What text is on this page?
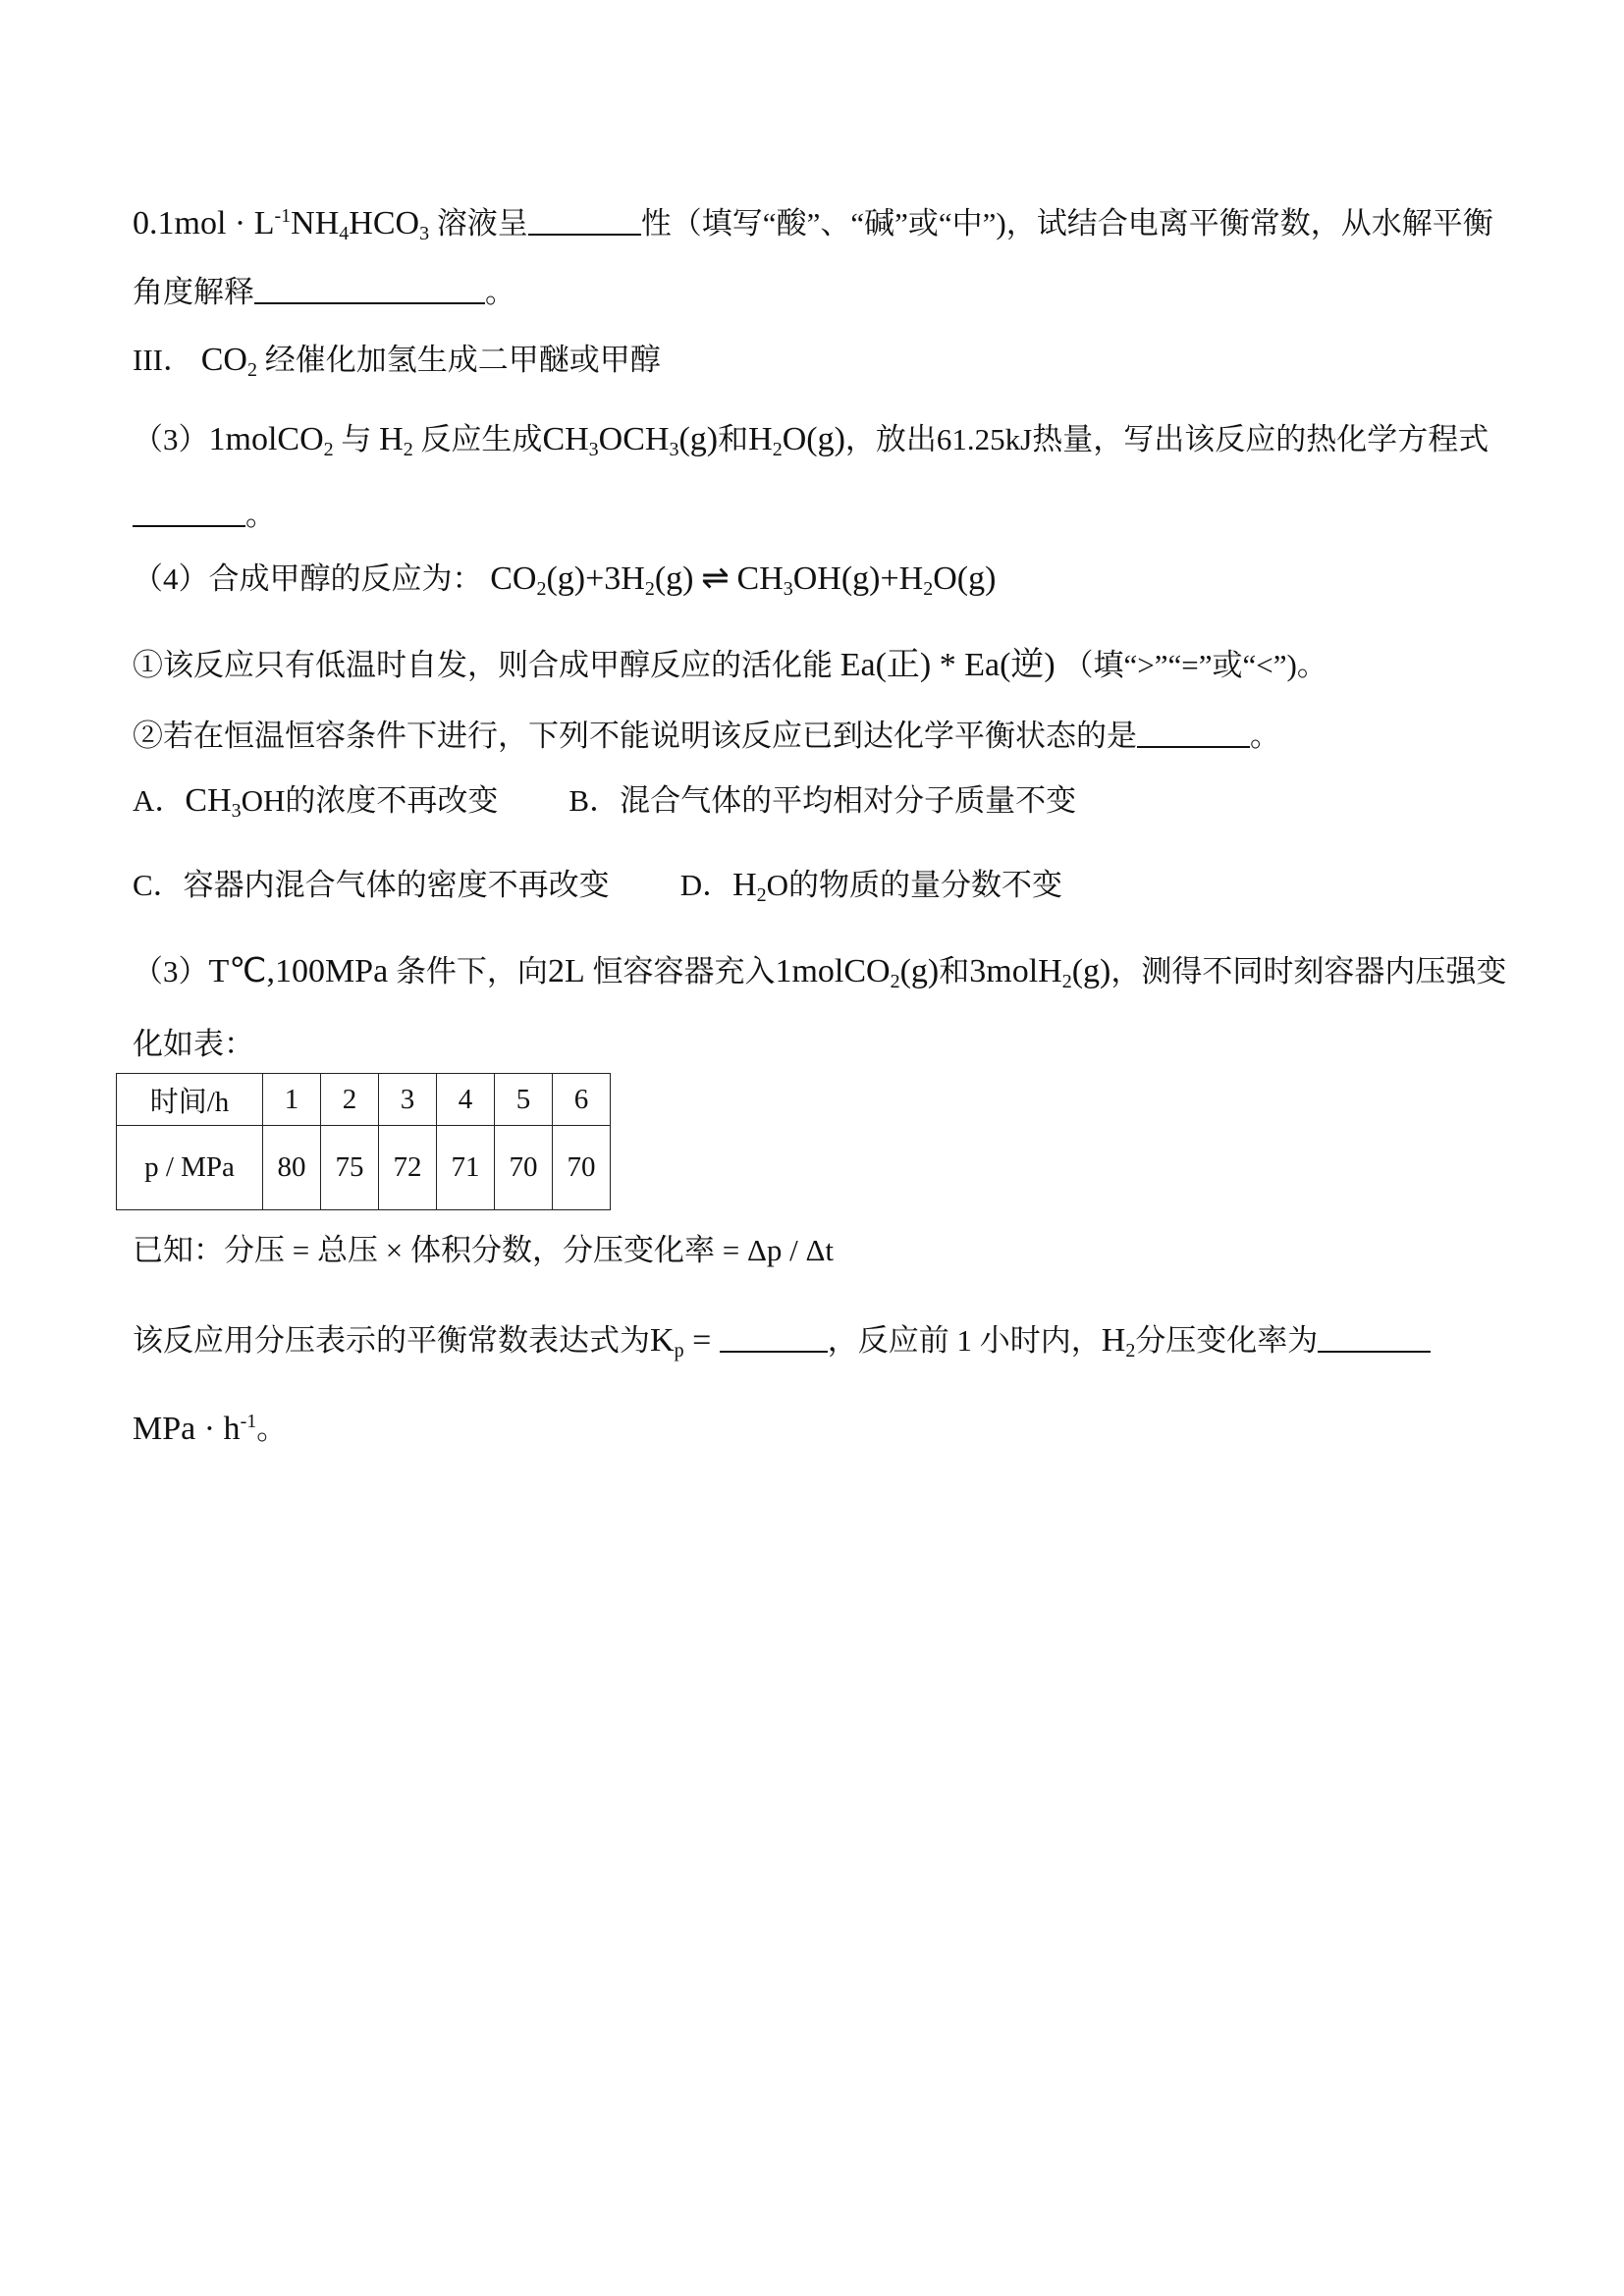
$0.1mol \cdot L^{-1}NH_4HCO_3$ 溶液呈	性（填写“酸”、“碱”或“中”)，试结合电离平衡常数，从水解平衡
角度解释	。
III． $CO_2$ 经催化加氢生成二甲醚或甲醇
（3）1molCO$_2$ 与 $H_2$ 反应生成$CH_3OCH_3(g)$和$H_2O(g)$，放出61.25kJ热量，写出该反应的热化学方程式
。
（4）合成甲醇的反应为： $CO_2(g)+3H_2(g)$ ⇌ $CH_3OH(g)+H_2O(g)$
①该反应只有低温时自发，则合成甲醇反应的活化能 Ea(正) * Ea(逆) （填“>”“=”或“<”)。
②若在恒温恒容条件下进行，下列不能说明该反应已到达化学平衡状态的是	。
A．$CH_3OH$的浓度不再改变 B．混合气体的平均相对分子质量不变
C．容器内混合气体的密度不再改变 D．$H_2O$的物质的量分数不变
（3）T℃,100MPa 条件下，向2L 恒容容器充入1molCO$_2$(g)和3molH$_2$(g)，测得不同时刻容器内压强变
化如表：
时间/h	1	2	3	4	5	6
p / MPa	80	75	72	71	70	70
已知：分压 = 总压 × 体积分数，分压变化率 = Δp / Δt
该反应用分压表示的平衡常数表达式为$K_p$ =	，反应前 1 小时内，$H_2$分压变化率为
MPa · $h^{-1}$。
